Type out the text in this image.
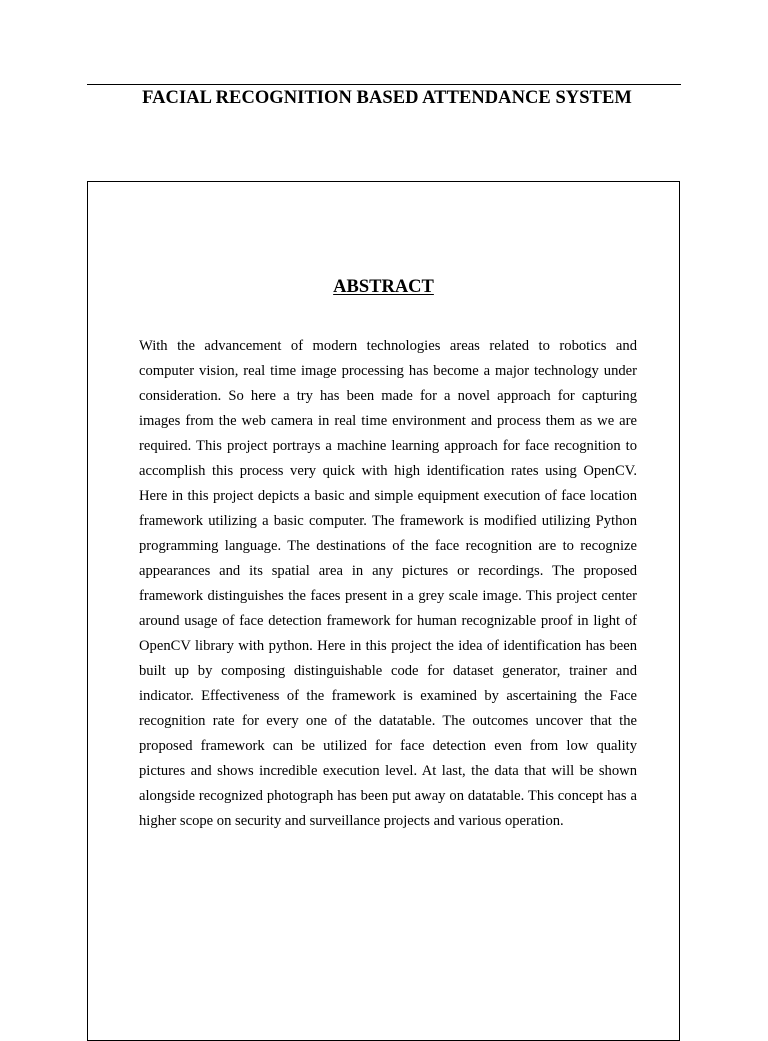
FACIAL RECOGNITION BASED ATTENDANCE SYSTEM
ABSTRACT

With the advancement of modern technologies areas related to robotics and computer vision, real time image processing has become a major technology under consideration. So here a try has been made for a novel approach for capturing images from the web camera in real time environment and process them as we are required. This project portrays a machine learning approach for face recognition to accomplish this process very quick with high identification rates using OpenCV. Here in this project depicts a basic and simple equipment execution of face location framework utilizing a basic computer. The framework is modified utilizing Python programming language. The destinations of the face recognition are to recognize appearances and its spatial area in any pictures or recordings. The proposed framework distinguishes the faces present in a grey scale image. This project center around usage of face detection framework for human recognizable proof in light of OpenCV library with python. Here in this project the idea of identification has been built up by composing distinguishable code for dataset generator, trainer and indicator. Effectiveness of the framework is examined by ascertaining the Face recognition rate for every one of the datatable. The outcomes uncover that the proposed framework can be utilized for face detection even from low quality pictures and shows incredible execution level. At last, the data that will be shown alongside recognized photograph has been put away on datatable. This concept has a higher scope on security and surveillance projects and various operation.
